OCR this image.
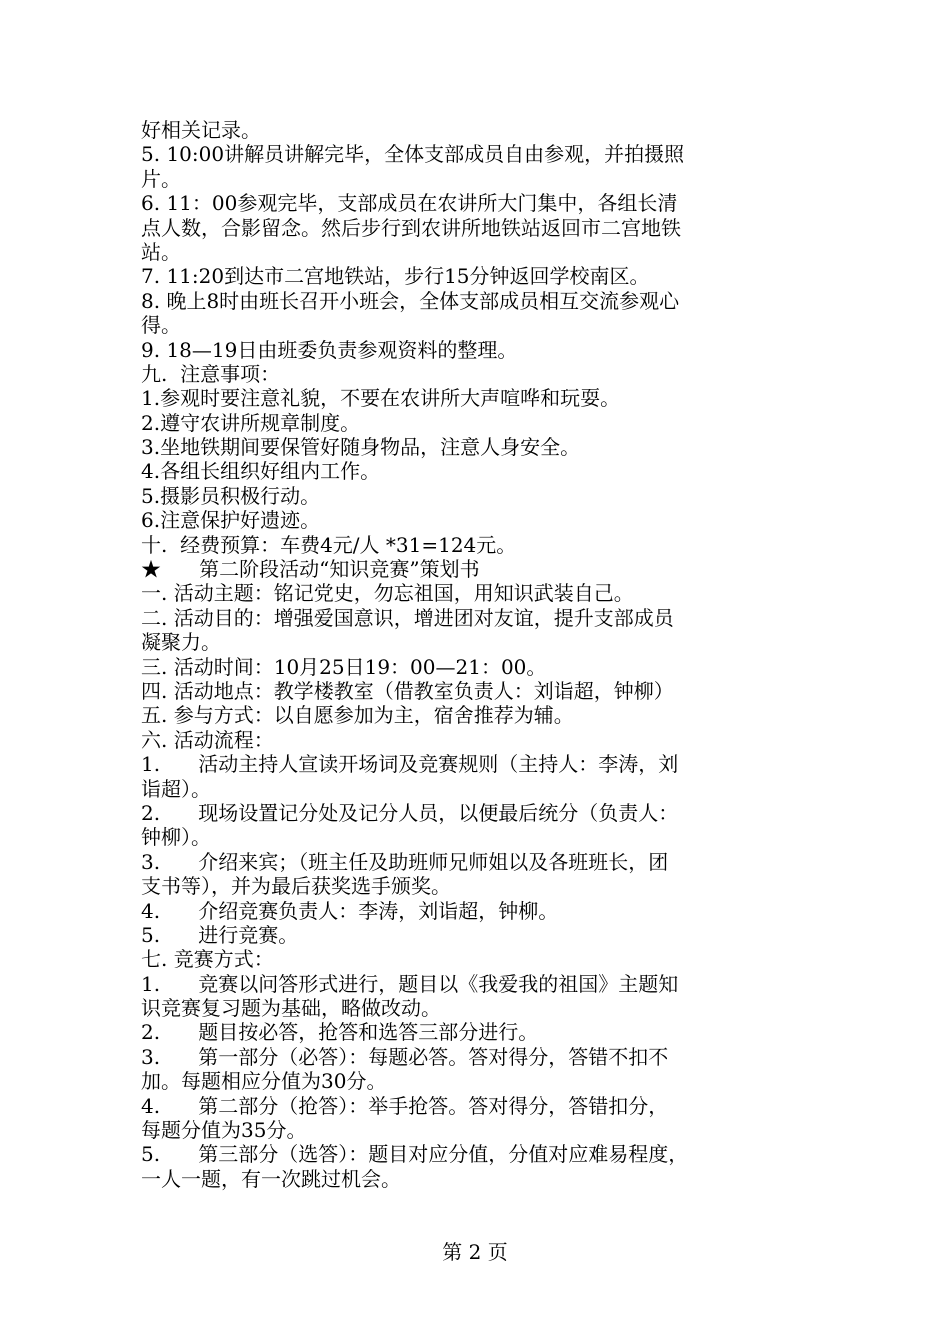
好相关记录。
5. 10:00讲解员讲解完毕，全体支部成员自由参观，并拍摄照
片。
6. 11：00参观完毕，支部成员在农讲所大门集中，各组长清
点人数，合影留念。然后步行到农讲所地铁站返回市二宫地铁
站。
7. 11:20到达市二宫地铁站，步行15分钟返回学校南区。
8. 晚上8时由班长召开小班会，全体支部成员相互交流参观心
得。
9. 18—19日由班委负责参观资料的整理。
九.  注意事项：
1.参观时要注意礼貌，不要在农讲所大声喧哗和玩耍。
2.遵守农讲所规章制度。
3.坐地铁期间要保管好随身物品，注意人身安全。
4.各组长组织好组内工作。
5.摄影员积极行动。
6.注意保护好遗迹。
十.  经费预算：车费4元/人 *31=124元。
★      第二阶段活动“知识竞赛”策划书
一. 活动主题：铭记党史，勿忘祖国，用知识武装自己。
二. 活动目的：增强爱国意识，增进团对友谊，提升支部成员
凝聚力。
三. 活动时间：10月25日19：00—21：00。
四. 活动地点：教学楼教室（借教室负责人：刘诣超，钟柳）
五. 参与方式：以自愿参加为主，宿舍推荐为辅。
六. 活动流程：
1.      活动主持人宣读开场词及竞赛规则（主持人：李涛，刘
诣超）。
2.      现场设置记分处及记分人员，以便最后统分（负责人：
钟柳）。
3.      介绍来宾；（班主任及助班师兄师姐以及各班班长，团
支书等），并为最后获奖选手颁奖。
4.      介绍竞赛负责人：李涛，刘诣超，钟柳。
5.      进行竞赛。
七. 竞赛方式：
1.      竞赛以问答形式进行，题目以《我爱我的祖国》主题知
识竞赛复习题为基础，略做改动。
2.      题目按必答，抢答和选答三部分进行。
3.      第一部分（必答）：每题必答。答对得分，答错不扣不
加。每题相应分值为30分。
4.      第二部分（抢答）：举手抢答。答对得分，答错扣分，
每题分值为35分。
5.      第三部分（选答）：题目对应分值，分值对应难易程度，
一人一题，有一次跳过机会。
第 2 页
